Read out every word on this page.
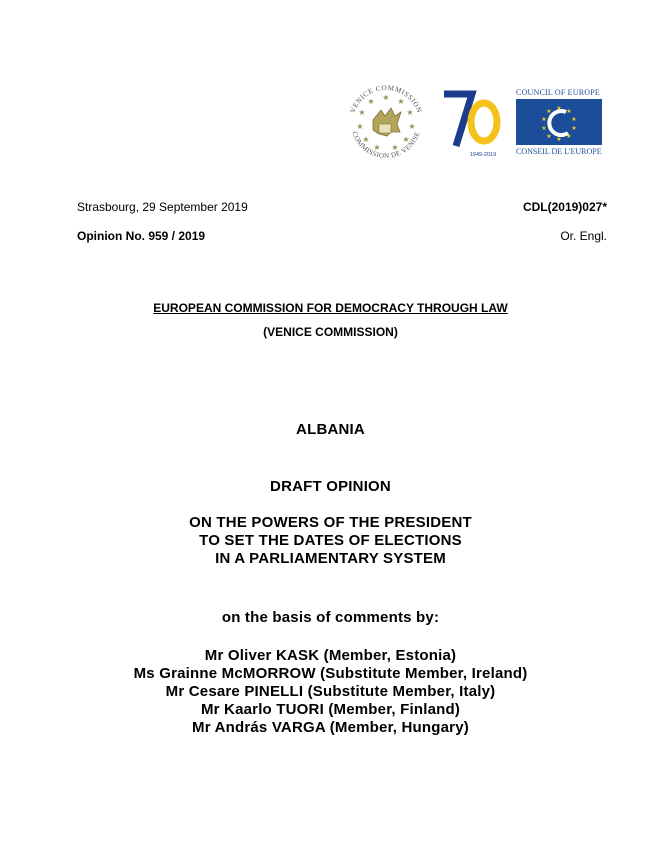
VENICE COMMISSION
COMMISSION DE VENISE
★ ★
★
★
★
★
★
★
★
★
★
1949-2019
COUNCIL OF EUROPE
★ ★
★
★
★
★
★
★
★
★
CONSEIL DE L'EUROPE
Strasbourg, 29 September 2019	CDL(2019)027*
Opinion No. 959 / 2019	Or. Engl.
EUROPEAN COMMISSION FOR DEMOCRACY THROUGH LAW
(VENICE COMMISSION)
ALBANIA
DRAFT OPINION
ON THE POWERS OF THE PRESIDENT
TO SET THE DATES OF ELECTIONS
IN A PARLIAMENTARY SYSTEM
on the basis of comments by:
Mr Oliver KASK (Member, Estonia)
Ms Grainne McMORROW (Substitute Member, Ireland)
Mr Cesare PINELLI (Substitute Member, Italy)
Mr Kaarlo TUORI (Member, Finland)
Mr András VARGA (Member, Hungary)
